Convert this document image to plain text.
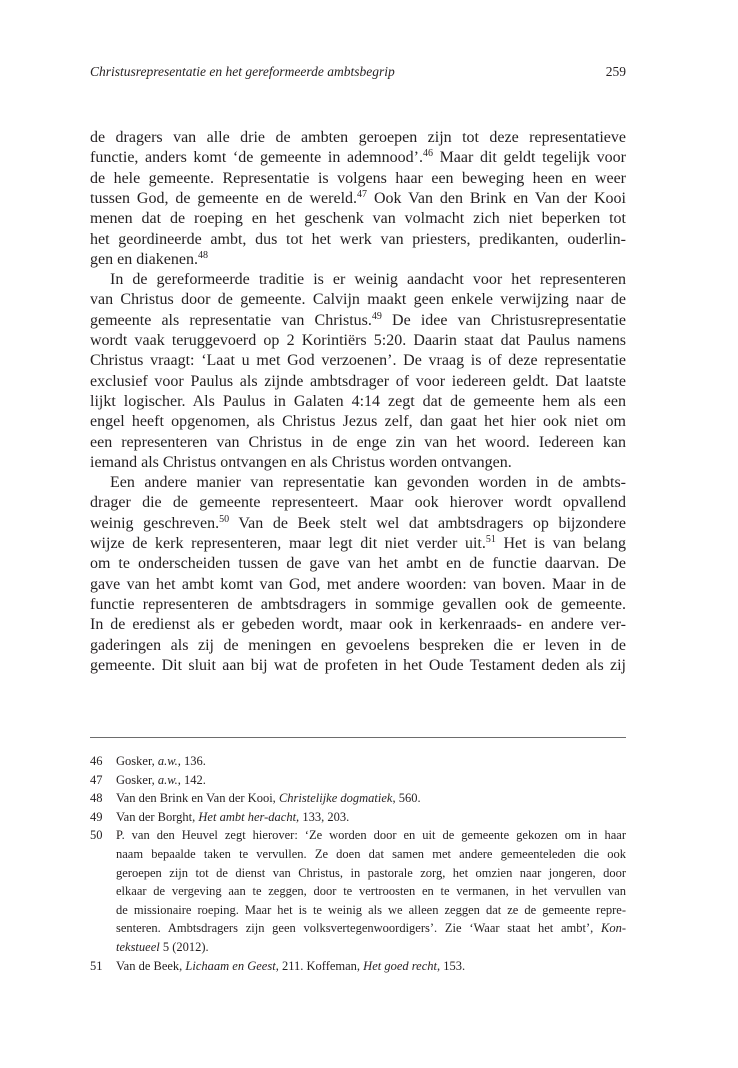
Christusrepresentatie en het gereformeerde ambtsbegrip	259
de dragers van alle drie de ambten geroepen zijn tot deze representatieve
functie, anders komt ‘de gemeente in ademnood’.$^{46}$ Maar dit geldt tegelijk voor
de hele gemeente. Representatie is volgens haar een beweging heen en weer
tussen God, de gemeente en de wereld.$^{47}$ Ook Van den Brink en Van der Kooi
menen dat de roeping en het geschenk van volmacht zich niet beperken tot
het geordineerde ambt, dus tot het werk van priesters, predikanten, ouderlin-
gen en diakenen.$^{48}$
In de gereformeerde traditie is er weinig aandacht voor het representeren
van Christus door de gemeente. Calvijn maakt geen enkele verwijzing naar de
gemeente als representatie van Christus.$^{49}$ De idee van Christusrepresentatie
wordt vaak teruggevoerd op 2 Korintiërs 5:20. Daarin staat dat Paulus namens
Christus vraagt: ‘Laat u met God verzoenen’. De vraag is of deze representatie
exclusief voor Paulus als zijnde ambtsdrager of voor iedereen geldt. Dat laatste
lijkt logischer. Als Paulus in Galaten 4:14 zegt dat de gemeente hem als een
engel heeft opgenomen, als Christus Jezus zelf, dan gaat het hier ook niet om
een representeren van Christus in de enge zin van het woord. Iedereen kan
iemand als Christus ontvangen en als Christus worden ontvangen.
Een andere manier van representatie kan gevonden worden in de ambts-
drager die de gemeente representeert. Maar ook hierover wordt opvallend
weinig geschreven.$^{50}$ Van de Beek stelt wel dat ambtsdragers op bijzondere
wijze de kerk representeren, maar legt dit niet verder uit.$^{51}$ Het is van belang
om te onderscheiden tussen de gave van het ambt en de functie daarvan. De
gave van het ambt komt van God, met andere woorden: van boven. Maar in de
functie representeren de ambtsdragers in sommige gevallen ook de gemeente.
In de eredienst als er gebeden wordt, maar ook in kerkenraads- en andere ver-
gaderingen als zij de meningen en gevoelens bespreken die er leven in de
gemeente. Dit sluit aan bij wat de profeten in het Oude Testament deden als zij
46	Gosker, a.w., 136.
47	Gosker, a.w., 142.
48	Van den Brink en Van der Kooi, Christelijke dogmatiek, 560.
49	Van der Borght, Het ambt her-dacht, 133, 203.
50	P. van den Heuvel zegt hierover: ‘Ze worden door en uit de gemeente gekozen om in haar
naam bepaalde taken te vervullen. Ze doen dat samen met andere gemeenteleden die ook
geroepen zijn tot de dienst van Christus, in pastorale zorg, het omzien naar jongeren, door
elkaar de vergeving aan te zeggen, door te vertroosten en te vermanen, in het vervullen van
de missionaire roeping. Maar het is te weinig als we alleen zeggen dat ze de gemeente repre-
senteren. Ambtsdragers zijn geen volksvertegenwoordigers’. Zie ‘Waar staat het ambt’, Kon-
tekstueel 5 (2012).
51	Van de Beek, Lichaam en Geest, 211. Koffeman, Het goed recht, 153.
